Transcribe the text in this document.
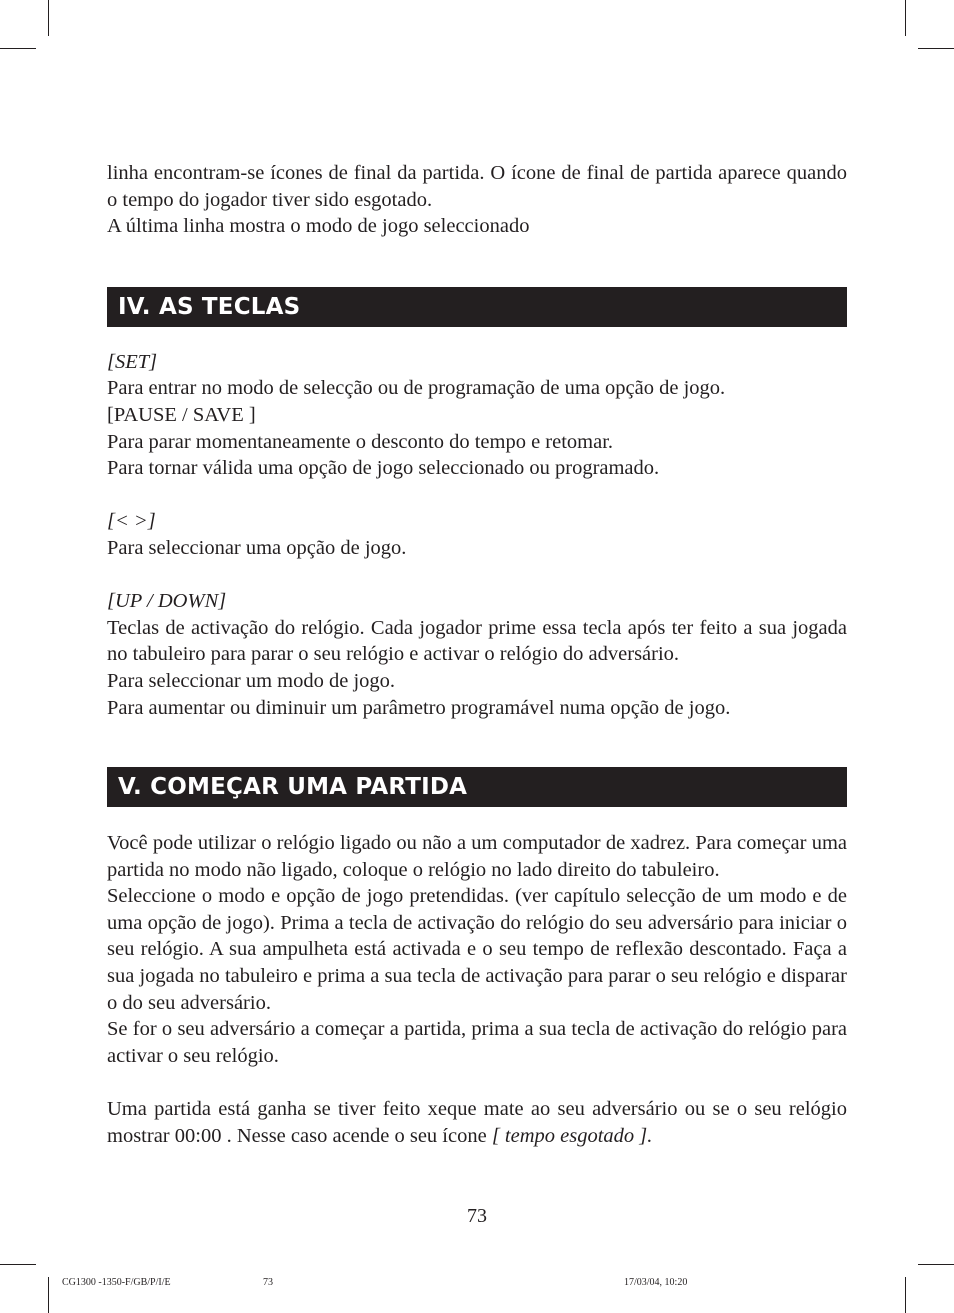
linha encontram-se ícones de final da partida. O ícone de final de partida aparece quando o tempo do jogador tiver sido esgotado.

A última linha mostra o modo de jogo seleccionado

IV. AS TECLAS

[SET]

Para entrar no modo de selecção ou de programação de uma opção de jogo.

[PAUSE / SAVE ]

Para parar momentaneamente o desconto do tempo e retomar.

Para tornar válida uma opção de jogo seleccionado ou programado.

[< >]

Para seleccionar uma opção de jogo.

[UP / DOWN]

Teclas de activação do relógio. Cada jogador prime essa tecla após ter feito a sua jogada no tabuleiro para parar o seu relógio e activar o relógio do adversário.

Para seleccionar um modo de jogo.

Para aumentar ou diminuir um parâmetro programável numa opção de jogo.

V. COMEÇAR UMA PARTIDA

Você pode utilizar o relógio ligado ou não a um computador de xadrez. Para começar uma partida no modo não ligado, coloque o relógio no lado direito do tabuleiro.

Seleccione o modo e opção de jogo pretendidas. (ver capítulo selecção de um modo e de uma opção de jogo). Prima a tecla de activação do relógio do seu adversário para iniciar o seu relógio. A sua ampulheta está activada e o seu tempo de reflexão descontado. Faça a sua jogada no tabuleiro e prima a sua tecla de activação para parar o seu relógio e disparar o do seu adversário.

Se for o seu adversário a começar a partida, prima a sua tecla de activação do relógio para activar o seu relógio.

Uma partida está ganha se tiver feito xeque mate ao seu adversário ou se o seu relógio mostrar 00:00 . Nesse caso acende o seu ícone [ tempo esgotado ].

73
CG1300 -1350-F/GB/P/I/E	73	17/03/04, 10:20
